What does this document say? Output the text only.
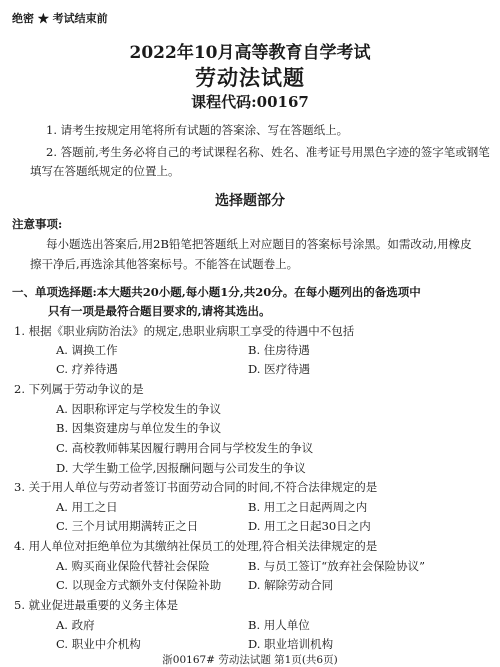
绝密 ★ 考试结束前
2022年10月高等教育自学考试
劳动法试题
课程代码:00167
1. 请考生按规定用笔将所有试题的答案涂、写在答题纸上。
2. 答题前,考生务必将自己的考试课程名称、姓名、准考证号用黑色字迹的签字笔或钢笔
填写在答题纸规定的位置上。
选择题部分
注意事项:
每小题选出答案后,用2B铅笔把答题纸上对应题目的答案标号涂黑。如需改动,用橡皮
擦干净后,再选涂其他答案标号。不能答在试题卷上。
一、单项选择题:本大题共20小题,每小题1分,共20分。在每小题列出的备选项中
只有一项是最符合题目要求的,请将其选出。
1. 根据《职业病防治法》的规定,患职业病职工享受的待遇中不包括
A. 调换工作	B. 住房待遇
C. 疗养待遇	D. 医疗待遇
2. 下列属于劳动争议的是
A. 因职称评定与学校发生的争议
B. 因集资建房与单位发生的争议
C. 高校教师韩某因履行聘用合同与学校发生的争议
D. 大学生勤工俭学,因报酬问题与公司发生的争议
3. 关于用人单位与劳动者签订书面劳动合同的时间,不符合法律规定的是
A. 用工之日	B. 用工之日起两周之内
C. 三个月试用期满转正之日	D. 用工之日起30日之内
4. 用人单位对拒绝单位为其缴纳社保员工的处理,符合相关法律规定的是
A. 购买商业保险代替社会保险	B. 与员工签订“放弃社会保险协议”
C. 以现金方式额外支付保险补助 D. 解除劳动合同
5. 就业促进最重要的义务主体是
A. 政府	B. 用人单位
C. 职业中介机构	D. 职业培训机构
浙00167# 劳动法试题 第1页(共6页)
